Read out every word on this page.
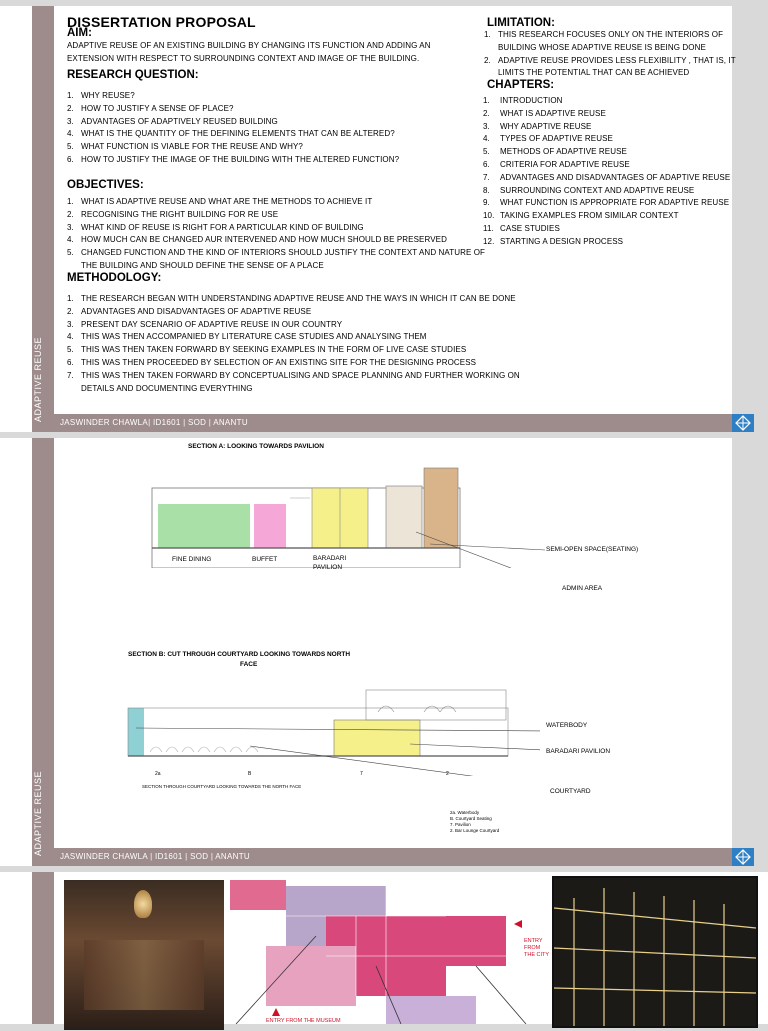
ADAPTIVE REUSE
DISSERTATION PROPOSAL
AIM:
ADAPTIVE REUSE OF AN EXISTING BUILDING BY CHANGING ITS FUNCTION AND ADDING AN EXTENSION WITH RESPECT TO SURROUNDING CONTEXT AND IMAGE OF THE BUILDING.
RESEARCH QUESTION:
1. WHY REUSE?
2. HOW TO JUSTIFY A SENSE OF PLACE?
3. ADVANTAGES OF ADAPTIVELY REUSED BUILDING
4. WHAT IS THE QUANTITY OF THE DEFINING ELEMENTS THAT CAN BE ALTERED?
5. WHAT FUNCTION IS VIABLE FOR THE REUSE AND WHY?
6. HOW TO JUSTIFY THE IMAGE OF THE BUILDING WITH THE ALTERED FUNCTION?
OBJECTIVES:
1. WHAT IS ADAPTIVE REUSE AND WHAT ARE THE METHODS TO ACHIEVE IT
2. RECOGNISING THE RIGHT BUILDING FOR RE USE
3. WHAT KIND OF REUSE IS RIGHT FOR A PARTICULAR KIND OF BUILDING
4. HOW MUCH CAN BE CHANGED AUR INTERVENED AND HOW MUCH SHOULD BE PRESERVED
5. CHANGED FUNCTION AND THE KIND OF INTERIORS SHOULD JUSTIFY THE CONTEXT AND NATURE OF THE BUILDING AND SHOULD DEFINE THE SENSE OF A PLACE
METHODOLOGY:
1. THE RESEARCH BEGAN WITH UNDERSTANDING ADAPTIVE REUSE AND THE WAYS IN WHICH IT CAN BE DONE
2. ADVANTAGES AND DISADVANTAGES OF ADAPTIVE REUSE
3. PRESENT DAY SCENARIO OF ADAPTIVE REUSE IN OUR COUNTRY
4. THIS WAS THEN ACCOMPANIED BY LITERATURE CASE STUDIES AND ANALYSING THEM
5. THIS WAS THEN TAKEN FORWARD BY SEEKING EXAMPLES IN THE FORM OF LIVE CASE STUDIES
6. THIS WAS THEN PROCEEDED BY SELECTION OF AN EXISTING SITE FOR THE DESIGNING PROCESS
7. THIS WAS THEN TAKEN FORWARD BY CONCEPTUALISING AND SPACE PLANNING AND FURTHER WORKING ON DETAILS AND DOCUMENTING EVERYTHING
LIMITATION:
1. THIS RESEARCH FOCUSES ONLY ON THE INTERIORS OF BUILDING WHOSE ADAPTIVE REUSE IS BEING DONE
2. ADAPTIVE REUSE PROVIDES LESS FLEXIBILITY , THAT IS, IT LIMITS THE POTENTIAL THAT CAN BE ACHIEVED
CHAPTERS:
1. INTRODUCTION
2. WHAT IS ADAPTIVE REUSE
3. WHY ADAPTIVE REUSE
4. TYPES OF ADAPTIVE REUSE
5. METHODS OF ADAPTIVE REUSE
6. CRITERIA FOR ADAPTIVE REUSE
7. ADVANTAGES AND DISADVANTAGES OF ADAPTIVE REUSE
8. SURROUNDING CONTEXT AND ADAPTIVE REUSE
9. WHAT FUNCTION IS APPROPRIATE FOR ADAPTIVE REUSE
10. TAKING EXAMPLES FROM SIMILAR CONTEXT
11. CASE STUDIES
12. STARTING A DESIGN PROCESS
JASWINDER CHAWLA| ID1601 | SOD | ANANTU
ADAPTIVE REUSE
SECTION A: LOOKING TOWARDS PAVILION
FINE DINING	BUFFET	BARADARI PAVILION
SEMI-OPEN SPACE(SEATING)
ADMIN AREA
SECTION B: CUT THROUGH COURTYARD LOOKING TOWARDS NORTH
FACE
WATERBODY
BARADARI PAVILION
COURTYARD
2a	B	7	2
SECTION THROUGH COURTYARD LOOKING TOWARDS THE NORTH FACE
2a. Waterbody
B. Courtyard Seating
7. Pavilion
2. Bar Lounge Courtyard
JASWINDER CHAWLA | ID1601 | SOD | ANANTU
ENTRY FROM THE CITY
ENTRY FROM THE MUSEUM
